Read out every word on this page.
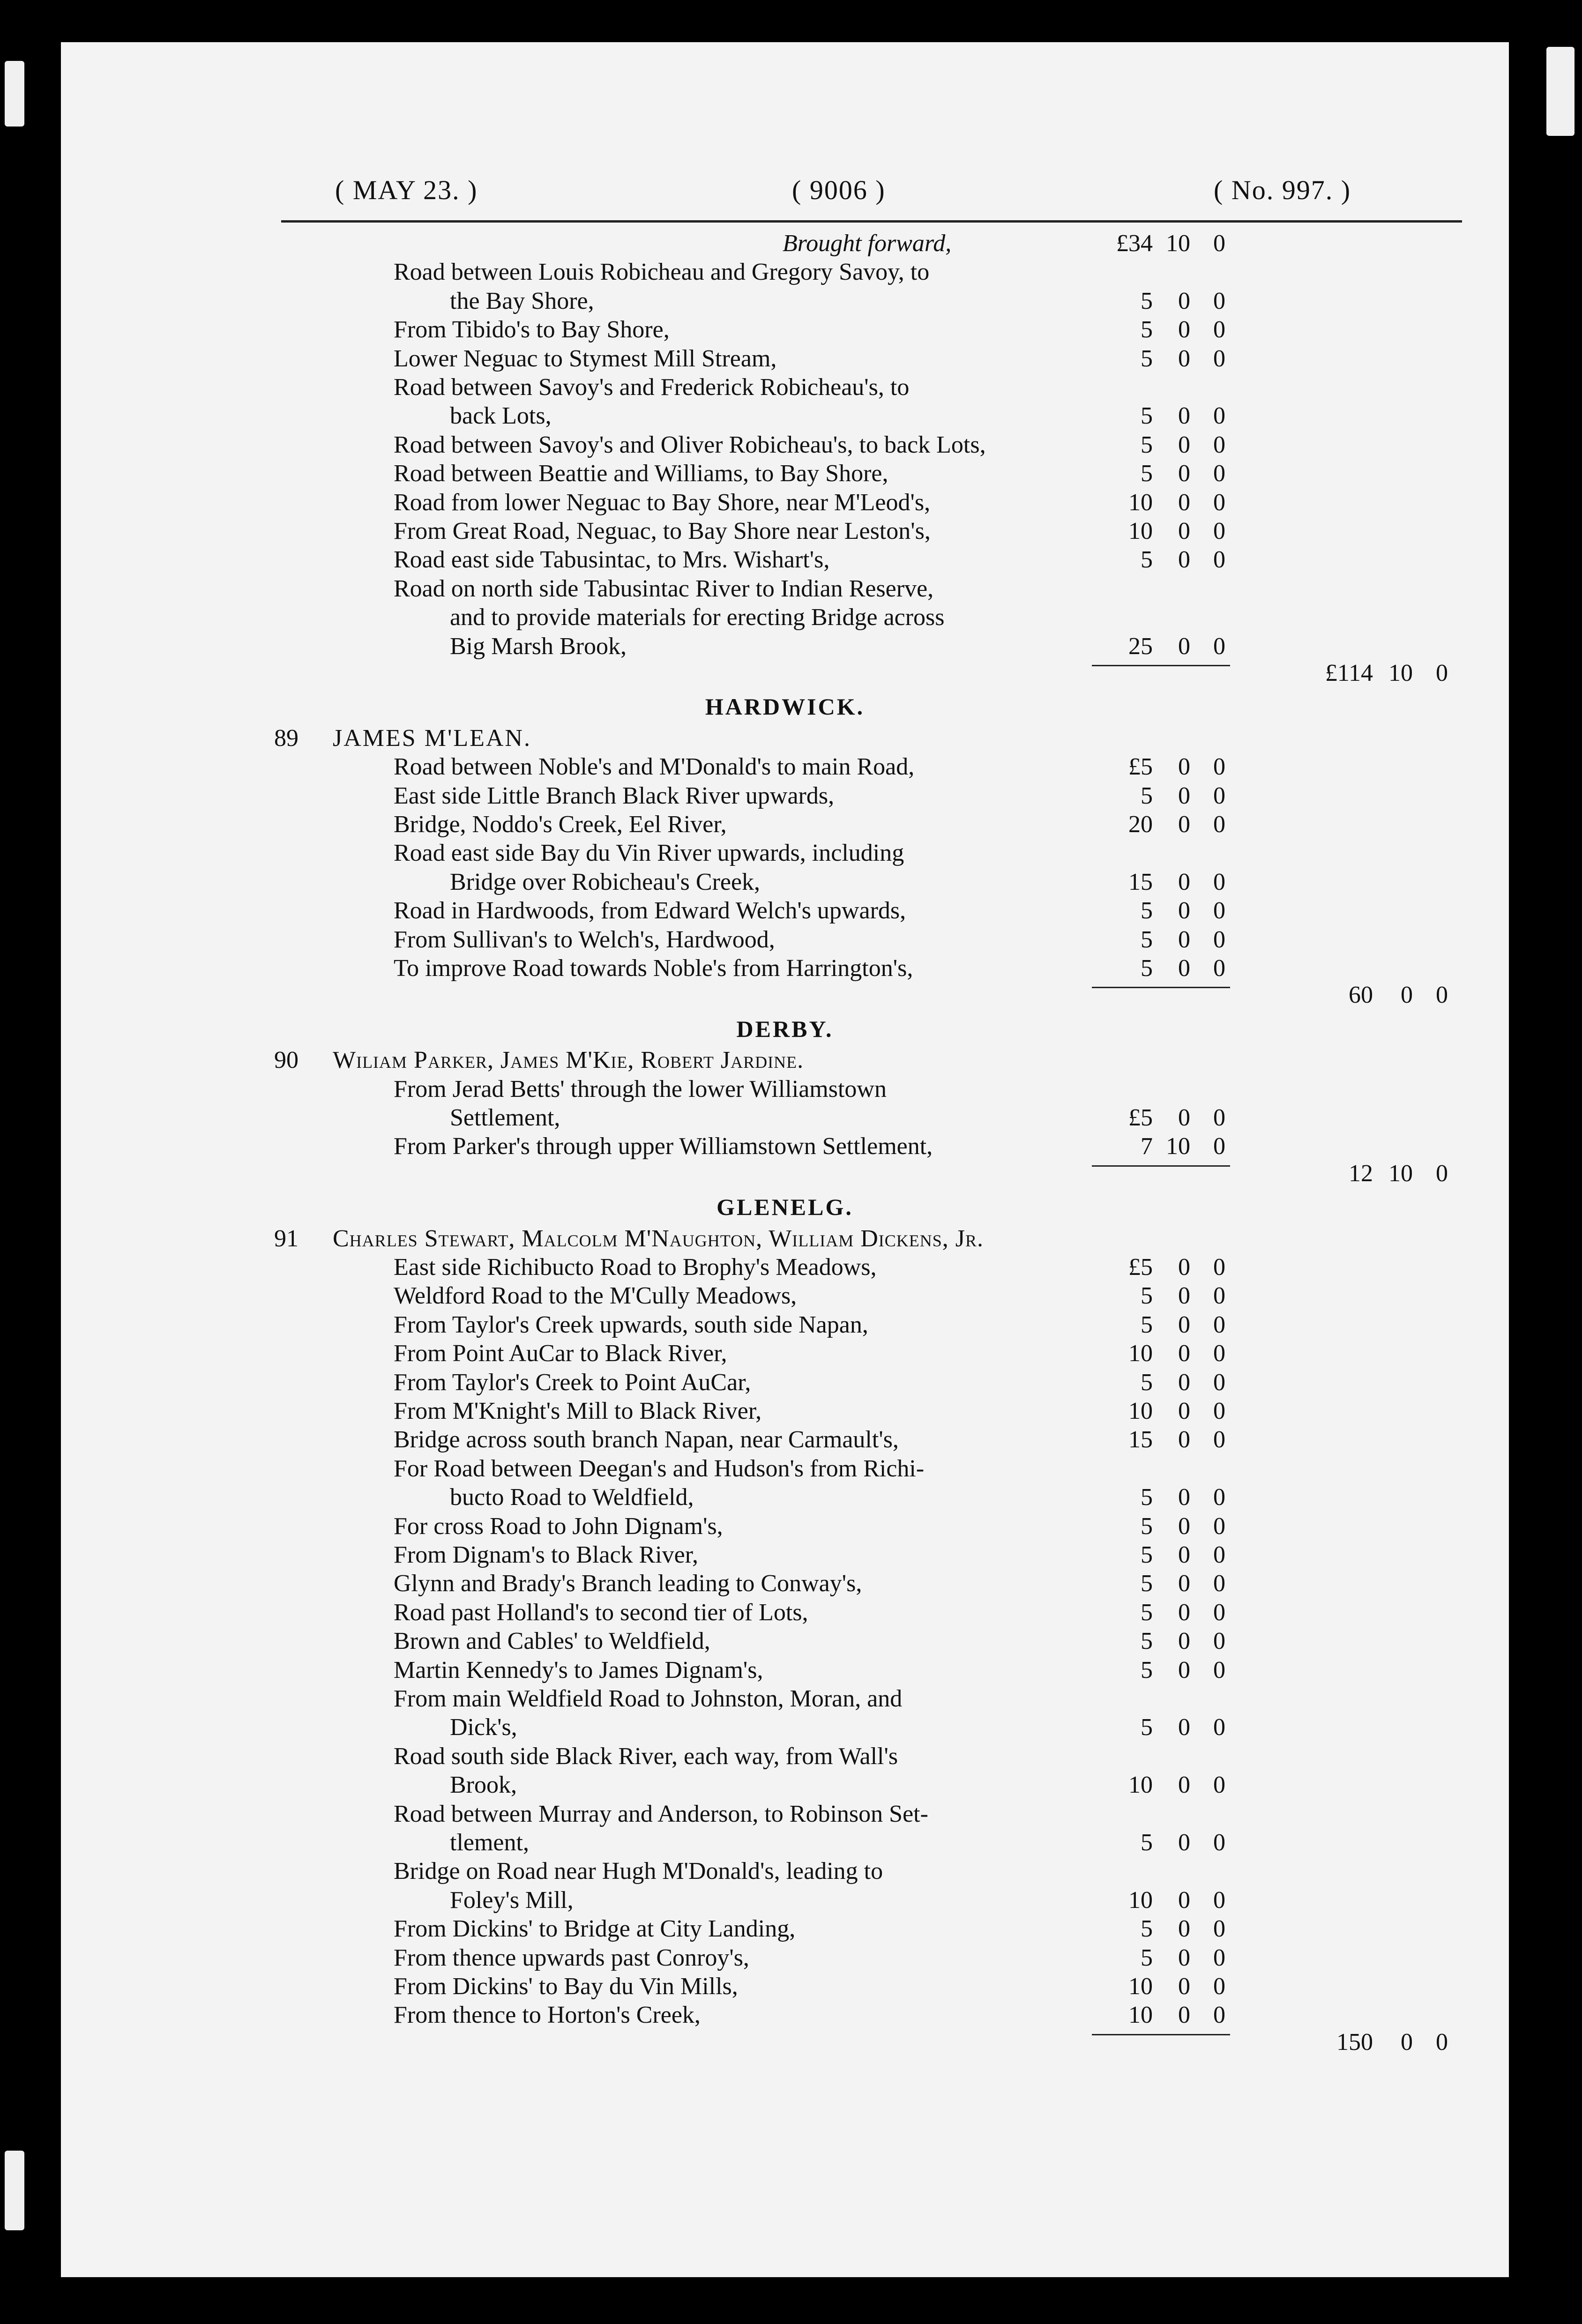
( MAY 23. )	( 9006 )	( No. 997. )
Brought forward,	£34 10 0
Road between Louis Robicheau and Gregory Savoy, to
the Bay Shore,	5 0 0
From Tibido's to Bay Shore,	5 0 0
Lower Neguac to Stymest Mill Stream,	5 0 0
Road between Savoy's and Frederick Robicheau's, to
back Lots,	5 0 0
Road between Savoy's and Oliver Robicheau's, to back Lots,	5 0 0
Road between Beattie and Williams, to Bay Shore,	5 0 0
Road from lower Neguac to Bay Shore, near M'Leod's,	10 0 0
From Great Road, Neguac, to Bay Shore near Leston's,	10 0 0
Road east side Tabusintac, to Mrs. Wishart's,	5 0 0
Road on north side Tabusintac River to Indian Reserve,
and to provide materials for erecting Bridge across
Big Marsh Brook,	25 0 0
£114 10 0
HARDWICK.
89 JAMES M'LEAN.
Road between Noble's and M'Donald's to main Road,	£5 0 0
East side Little Branch Black River upwards,	5 0 0
Bridge, Noddo's Creek, Eel River,	20 0 0
Road east side Bay du Vin River upwards, including
Bridge over Robicheau's Creek,	15 0 0
Road in Hardwoods, from Edward Welch's upwards,	5 0 0
From Sullivan's to Welch's, Hardwood,	5 0 0
To improve Road towards Noble's from Harrington's,	5 0 0
60 0 0
DERBY.
90 Wiliam Parker, James M'Kie, Robert Jardine.
From Jerad Betts' through the lower Williamstown
Settlement,	£5 0 0
From Parker's through upper Williamstown Settlement,	7 10 0
12 10 0
GLENELG.
91 Charles Stewart, Malcolm M'Naughton, William Dickens, Jr.
East side Richibucto Road to Brophy's Meadows,	£5 0 0
Weldford Road to the M'Cully Meadows,	5 0 0
From Taylor's Creek upwards, south side Napan,	5 0 0
From Point AuCar to Black River,	10 0 0
From Taylor's Creek to Point AuCar,	5 0 0
From M'Knight's Mill to Black River,	10 0 0
Bridge across south branch Napan, near Carmault's,	15 0 0
For Road between Deegan's and Hudson's from Richi-
bucto Road to Weldfield,	5 0 0
For cross Road to John Dignam's,	5 0 0
From Dignam's to Black River,	5 0 0
Glynn and Brady's Branch leading to Conway's,	5 0 0
Road past Holland's to second tier of Lots,	5 0 0
Brown and Cables' to Weldfield,	5 0 0
Martin Kennedy's to James Dignam's,	5 0 0
From main Weldfield Road to Johnston, Moran, and
Dick's,	5 0 0
Road south side Black River, each way, from Wall's
Brook,	10 0 0
Road between Murray and Anderson, to Robinson Set-
tlement,	5 0 0
Bridge on Road near Hugh M'Donald's, leading to
Foley's Mill,	10 0 0
From Dickins' to Bridge at City Landing,	5 0 0
From thence upwards past Conroy's,	5 0 0
From Dickins' to Bay du Vin Mills,	10 0 0
From thence to Horton's Creek,	10 0 0
150 0 0
